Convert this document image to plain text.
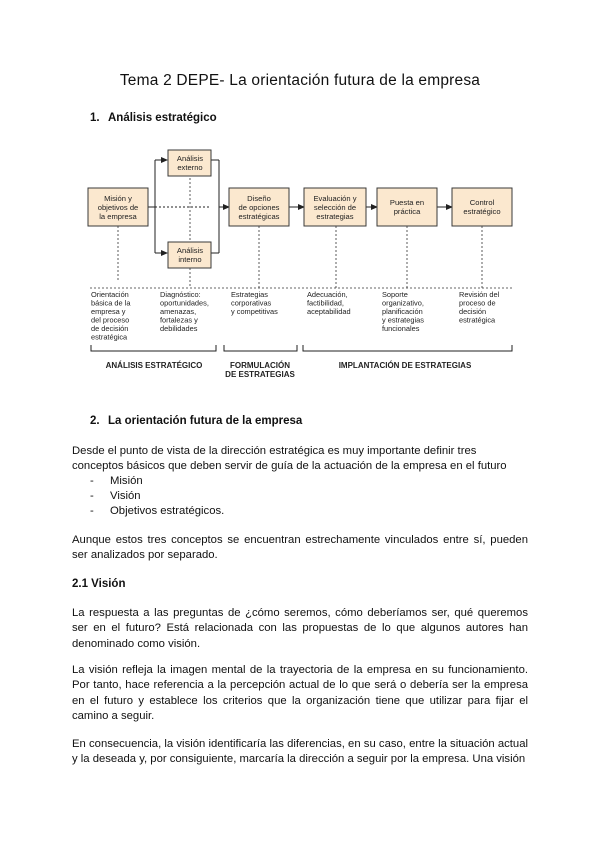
Tema 2 DEPE- La orientación futura de la empresa
1. Análisis estratégico
Misión y
objetivos de
la empresa
Análisis
externo
Análisis
interno
Diseño
de opciones
estratégicas
Evaluación y
selección de
estrategias
Puesta en
práctica
Control
estratégico
Orientación
básica de la
empresa y
del proceso
de decisión
estratégica
Diagnóstico:
oportunidades,
amenazas,
fortalezas y
debilidades
Estrategias
corporativas
y competitivas
Adecuación,
factibilidad,
aceptabilidad
Soporte
organizativo,
planificación
y estrategias
funcionales
Revisión del
proceso de
decisión
estratégica
ANÁLISIS ESTRATÉGICO	FORMULACIÓN
DE ESTRATEGIAS
IMPLANTACIÓN DE ESTRATEGIAS
2. La orientación futura de la empresa
Desde el punto de vista de la dirección estratégica es muy importante definir tres conceptos básicos que deben servir de guía de la actuación de la empresa en el futuro
- Misión
- Visión
- Objetivos estratégicos.
Aunque estos tres conceptos se encuentran estrechamente vinculados entre sí, pueden ser analizados por separado.
2.1 Visión
La respuesta a las preguntas de ¿cómo seremos, cómo deberíamos ser, qué queremos ser en el futuro? Está relacionada con las propuestas de lo que algunos autores han denominado como visión.
La visión refleja la imagen mental de la trayectoria de la empresa en su funcionamiento. Por tanto, hace referencia a la percepción actual de lo que será o debería ser la empresa en el futuro y establece los criterios que la organización tiene que utilizar para fijar el camino a seguir.
En consecuencia, la visión identificaría las diferencias, en su caso, entre la situación actual y la deseada y, por consiguiente, marcaría la dirección a seguir por la empresa. Una visión
